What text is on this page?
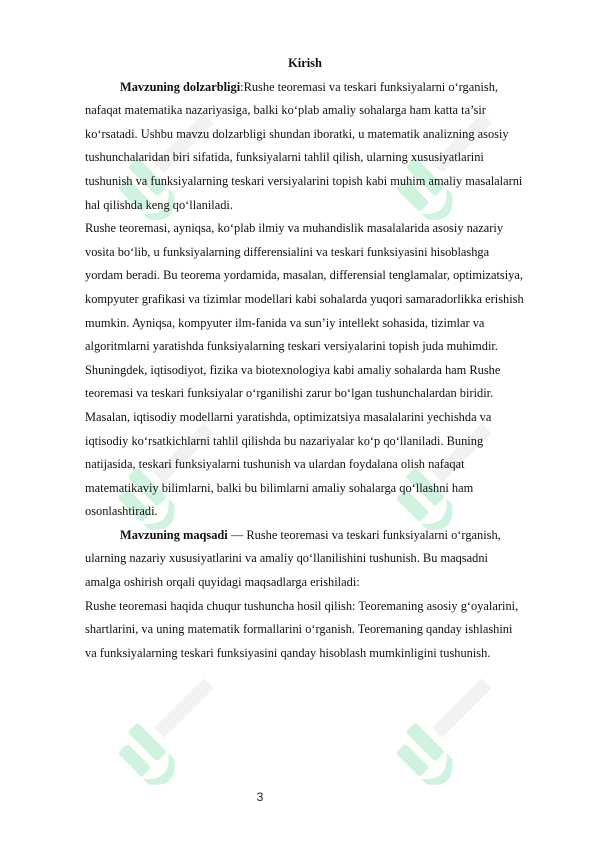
Kirish

Mavzuning dolzarbligi:Rushe teoremasi va teskari funksiyalarni o‘rganish, nafaqat matematika nazariyasiga, balki ko‘plab amaliy sohalarga ham katta ta’sir ko‘rsatadi. Ushbu mavzu dolzarbligi shundan iboratki, u matematik analizning asosiy tushunchalaridan biri sifatida, funksiyalarni tahlil qilish, ularning xususiyatlarini tushunish va funksiyalarning teskari versiyalarini topish kabi muhim amaliy masalalarni hal qilishda keng qo‘llaniladi.

Rushe teoremasi, ayniqsa, ko‘plab ilmiy va muhandislik masalalarida asosiy nazariy vosita bo‘lib, u funksiyalarning differensialini va teskari funksiyasini hisoblashga yordam beradi. Bu teorema yordamida, masalan, differensial tenglamalar, optimizatsiya, kompyuter grafikasi va tizimlar modellari kabi sohalarda yuqori samaradorlikka erishish mumkin. Ayniqsa, kompyuter ilm-fanida va sun’iy intellekt sohasida, tizimlar va algoritmlarni yaratishda funksiyalarning teskari versiyalarini topish juda muhimdir.

Shuningdek, iqtisodiyot, fizika va biotexnologiya kabi amaliy sohalarda ham Rushe teoremasi va teskari funksiyalar o‘rganilishi zarur bo‘lgan tushunchalardan biridir. Masalan, iqtisodiy modellarni yaratishda, optimizatsiya masalalarini yechishda va iqtisodiy ko‘rsatkichlarni tahlil qilishda bu nazariyalar ko‘p qo‘llaniladi. Buning natijasida, teskari funksiyalarni tushunish va ulardan foydalana olish nafaqat matematikaviy bilimlarni, balki bu bilimlarni amaliy sohalarga qo‘llashni ham osonlashtiradi.

Mavzuning maqsadi — Rushe teoremasi va teskari funksiyalarni o‘rganish, ularning nazariy xususiyatlarini va amaliy qo‘llanilishini tushunish. Bu maqsadni amalga oshirish orqali quyidagi maqsadlarga erishiladi:

Rushe teoremasi haqida chuqur tushuncha hosil qilish: Teoremaning asosiy g‘oyalarini, shartlarini, va uning matematik formallarini o‘rganish. Teoremaning qanday ishlashini va funksiyalarning teskari funksiyasini qanday hisoblash mumkinligini tushunish.

3
